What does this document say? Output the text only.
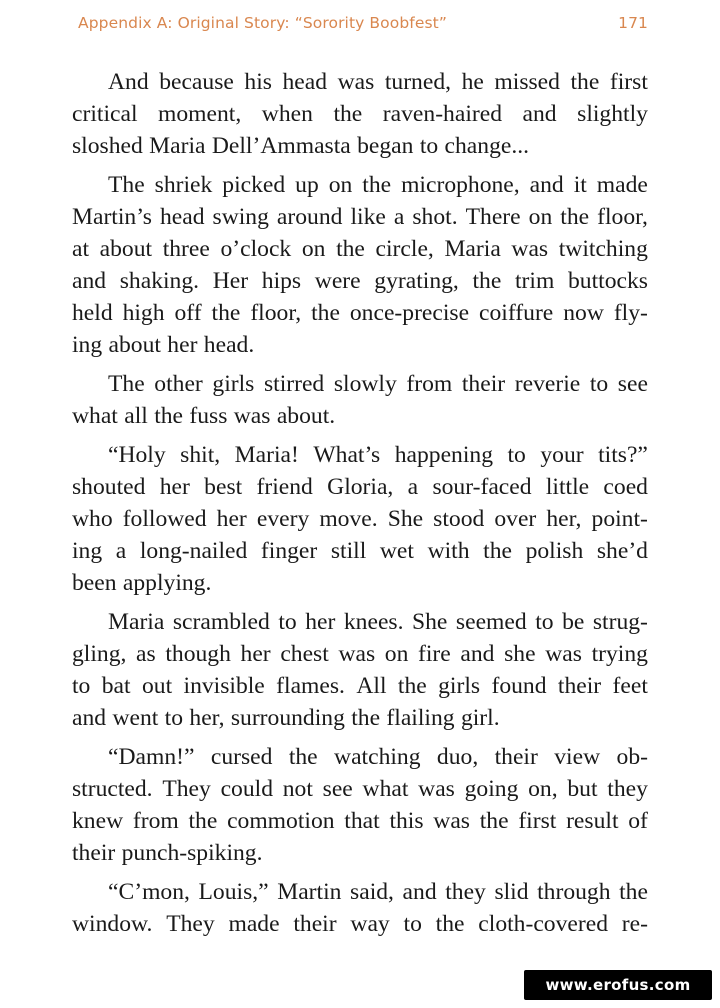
Appendix A: Original Story: “Sorority Boobfest”	171
And because his head was turned, he missed the first
critical moment, when the raven-haired and slightly
sloshed Maria Dell’Ammasta began to change...
The shriek picked up on the microphone, and it made
Martin’s head swing around like a shot. There on the floor,
at about three o’clock on the circle, Maria was twitching
and shaking. Her hips were gyrating, the trim buttocks
held high off the floor, the once-precise coiffure now fly-
ing about her head.
The other girls stirred slowly from their reverie to see
what all the fuss was about.
“Holy shit, Maria! What’s happening to your tits?”
shouted her best friend Gloria, a sour-faced little coed
who followed her every move. She stood over her, point-
ing a long-nailed finger still wet with the polish she’d
been applying.
Maria scrambled to her knees. She seemed to be strug-
gling, as though her chest was on fire and she was trying
to bat out invisible flames. All the girls found their feet
and went to her, surrounding the flailing girl.
“Damn!” cursed the watching duo, their view ob-
structed. They could not see what was going on, but they
knew from the commotion that this was the first result of
their punch-spiking.
“C’mon, Louis,” Martin said, and they slid through the
window. They made their way to the cloth-covered re-
www.erofus.com
